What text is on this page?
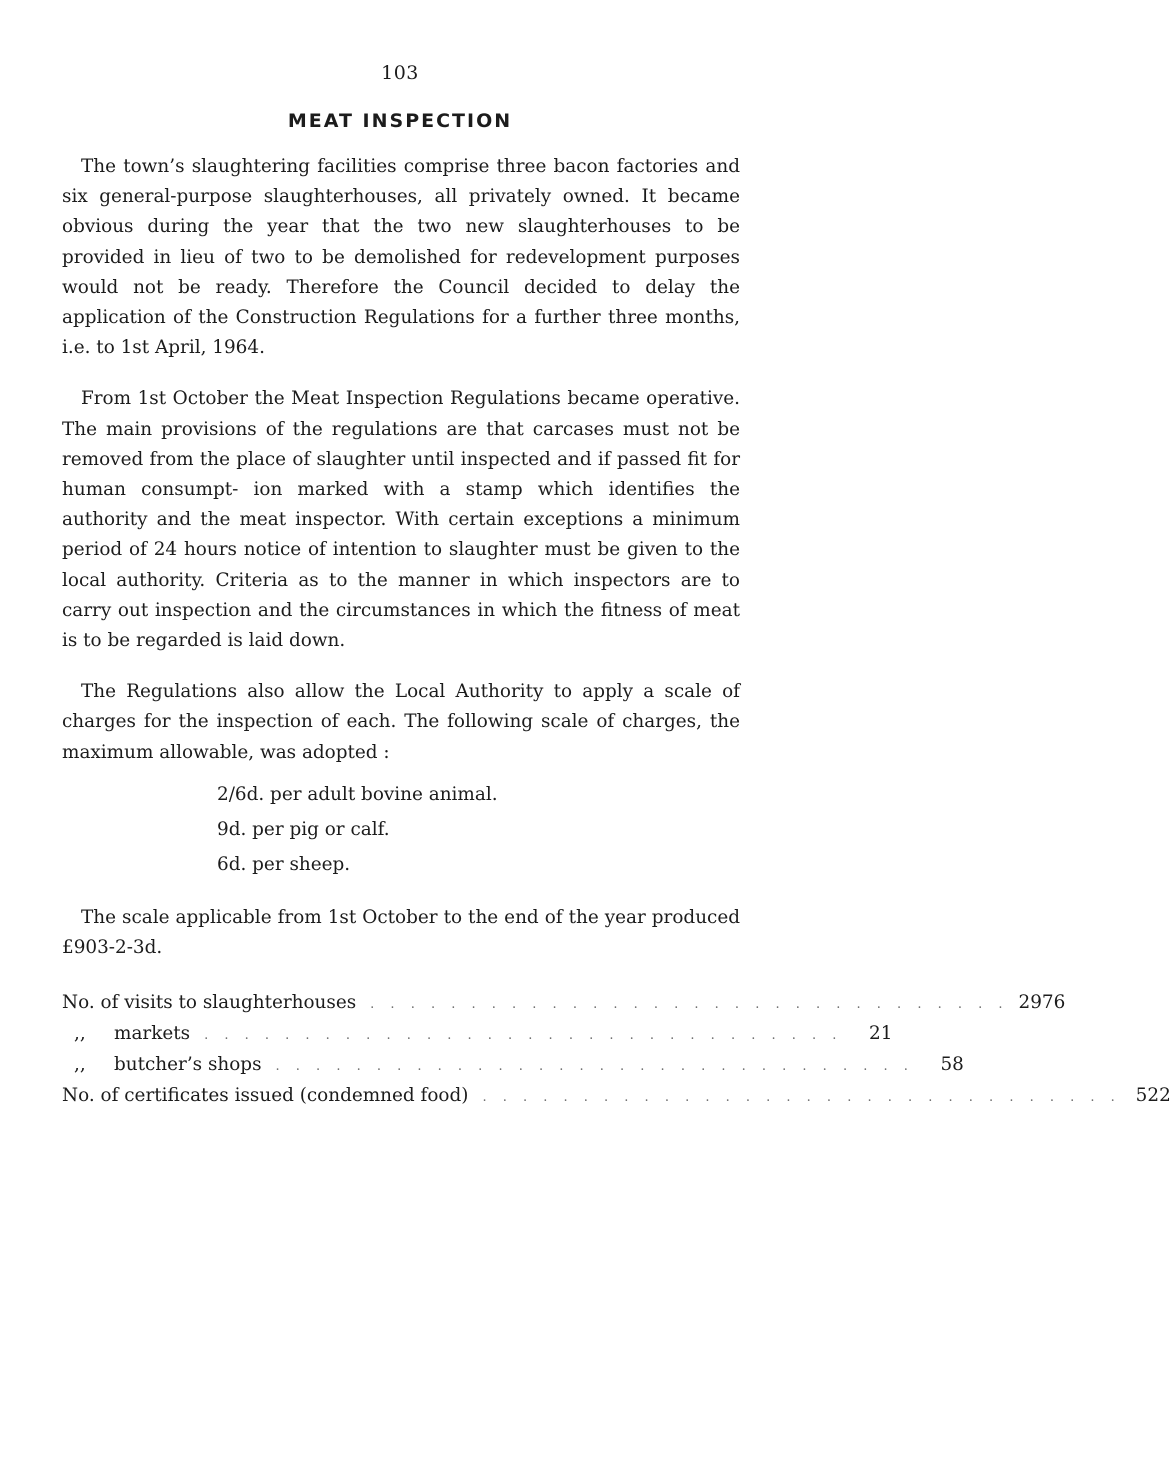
103
MEAT INSPECTION

The town’s slaughtering facilities comprise three bacon factories and six general-purpose slaughterhouses, all privately owned. It became obvious during the year that the two new slaughterhouses to be provided in lieu of two to be demolished for redevelopment purposes would not be ready. Therefore the Council decided to delay the application of the Construction Regulations for a further three months, i.e. to 1st April, 1964.

From 1st October the Meat Inspection Regulations became operative. The main provisions of the regulations are that carcases must not be removed from the place of slaughter until inspected and if passed fit for human consumpt- ion marked with a stamp which identifies the authority and the meat inspector. With certain exceptions a minimum period of 24 hours notice of intention to slaughter must be given to the local authority. Criteria as to the manner in which inspectors are to carry out inspection and the circumstances in which the fitness of meat is to be regarded is laid down.

The Regulations also allow the Local Authority to apply a scale of charges for the inspection of each. The following scale of charges, the maximum allowable, was adopted :

2/6d. per adult bovine animal.
9d. per pig or calf.
6d. per sheep.

The scale applicable from 1st October to the end of the year produced £903-2-3d.

No. of visits to slaughterhouses	. . . . . . . . . . . . . . . . . . . . . . . . . . . . . . . . 2976
,, markets	. . . . . . . . . . . . . . . . . . . . . . . . . . . . . . . .	21
,, butcher’s shops	. . . . . . . . . . . . . . . . . . . . . . . . . . . . . . . .	58
No. of certificates issued (condemned food)	. . . . . . . . . . . . . . . . . . . . . . . . . . . . . . . . 522
